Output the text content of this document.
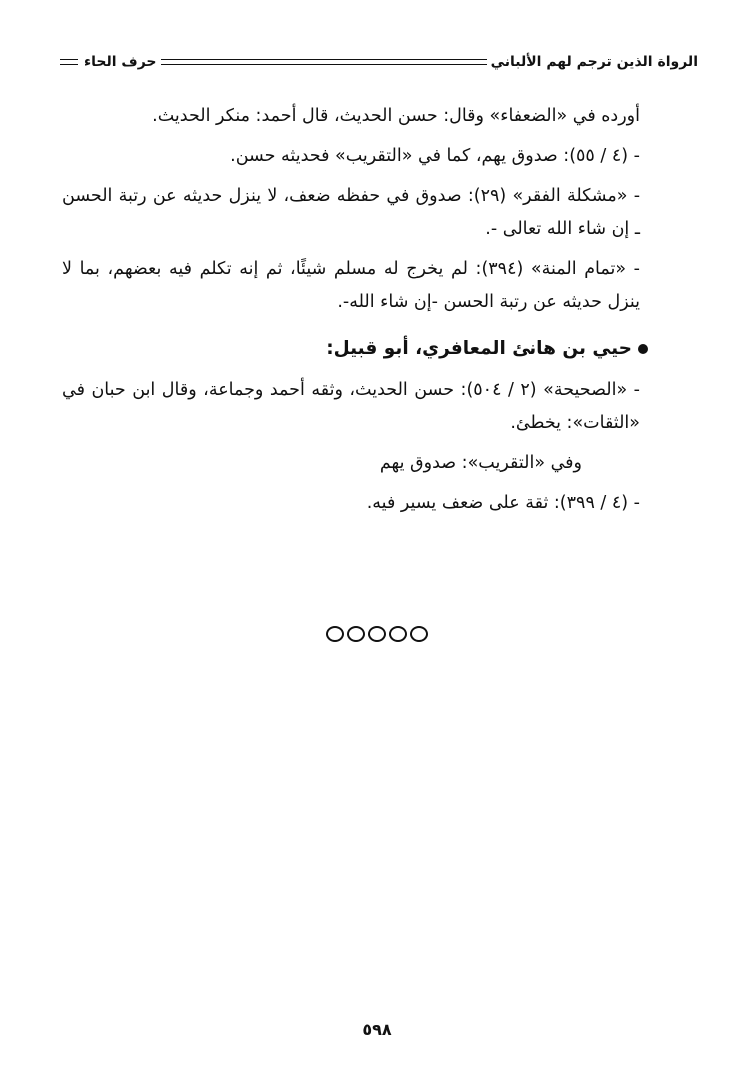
الرواة الذين ترجم لهم الألباني
حرف الحاء

أورده في «الضعفاء» وقال: حسن الحديث، قال أحمد: منكر الحديث.

- (٤ / ٥٥): صدوق يهم، كما في «التقريب» فحديثه حسن.

- «مشكلة الفقر» (٢٩): صدوق في حفظه ضعف، لا ينزل حديثه عن رتبة الحسن ـ إن شاء الله تعالى -.

- «تمام المنة» (٣٩٤): لم يخرج له مسلم شيئًا، ثم إنه تكلم فيه بعضهم، بما لا ينزل حديثه عن رتبة الحسن -إن شاء الله-.

حيي بن هانئ المعافري، أبو قبيل:

- «الصحيحة» (٢ / ٥٠٤): حسن الحديث، وثقه أحمد وجماعة، وقال ابن حبان في «الثقات»: يخطئ.

وفي «التقريب»: صدوق يهم

- (٤ / ٣٩٩): ثقة على ضعف يسير فيه.

٥٩٨
